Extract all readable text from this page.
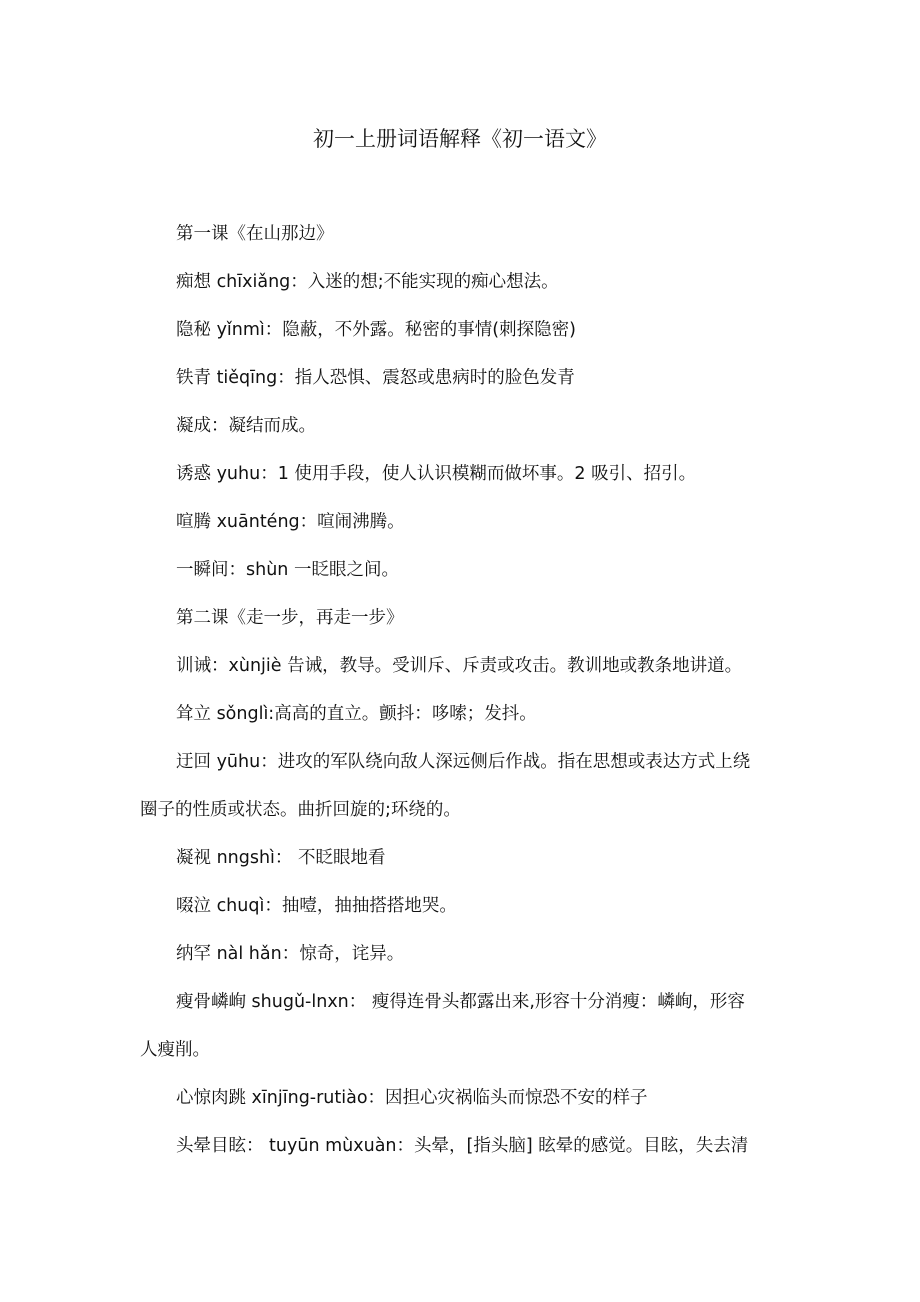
初一上册词语解释《初一语文》
第一课《在山那边》
痴想 chīxiǎng：入迷的想;不能实现的痴心想法。
隐秘 yǐnmì：隐蔽，不外露。秘密的事情(刺探隐密)
铁青 tiěqīng：指人恐惧、震怒或患病时的脸色发青
凝成：凝结而成。
诱惑 yuhu：1 使用手段，使人认识模糊而做坏事。2 吸引、招引。
喧腾 xuānténg：喧闹沸腾。
一瞬间：shùn 一眨眼之间。
第二课《走一步，再走一步》
训诫：xùnjiè 告诫，教导。受训斥、斥责或攻击。教训地或教条地讲道。
耸立 sǒnglì:高高的直立。颤抖：哆嗦；发抖。
迂回 yūhu：进攻的军队绕向敌人深远侧后作战。指在思想或表达方式上绕
圈子的性质或状态。曲折回旋的;环绕的。
凝视 nngshì： 不眨眼地看
啜泣 chuqì：抽噎，抽抽搭搭地哭。
纳罕 nàl hǎn：惊奇，诧异。
瘦骨嶙峋 shugǔ-lnxn： 瘦得连骨头都露出来,形容十分消瘦：嶙峋，形容
人瘦削。
心惊肉跳 xīnjīng-rutiào：因担心灾祸临头而惊恐不安的样子
头晕目眩： tuyūn mùxuàn：头晕，[指头脑] 眩晕的感觉。目眩，失去清
